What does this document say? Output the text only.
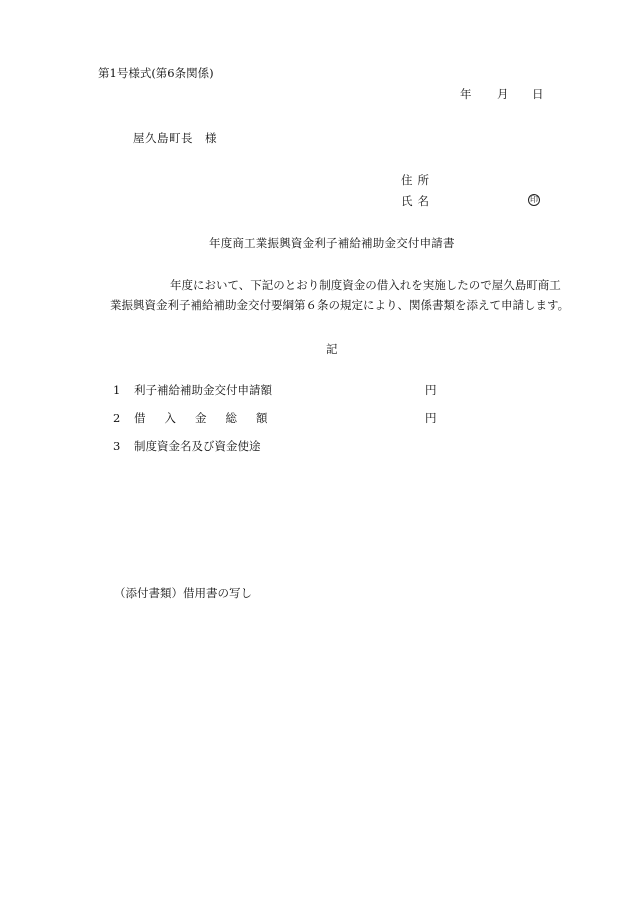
第1号様式(第6条関係)
年 月 日
屋久島町長　様
住所
氏名	印
年度商工業振興資金利子補給補助金交付申請書
年度において、下記のとおり制度資金の借入れを実施したので屋久島町商工
業振興資金利子補給補助金交付要綱第６条の規定により、関係書類を添えて申請します。
記
1 利子補給補助金交付申請額	円
2 借入金総額	円
3 制度資金名及び資金使途
（添付書類）借用書の写し
